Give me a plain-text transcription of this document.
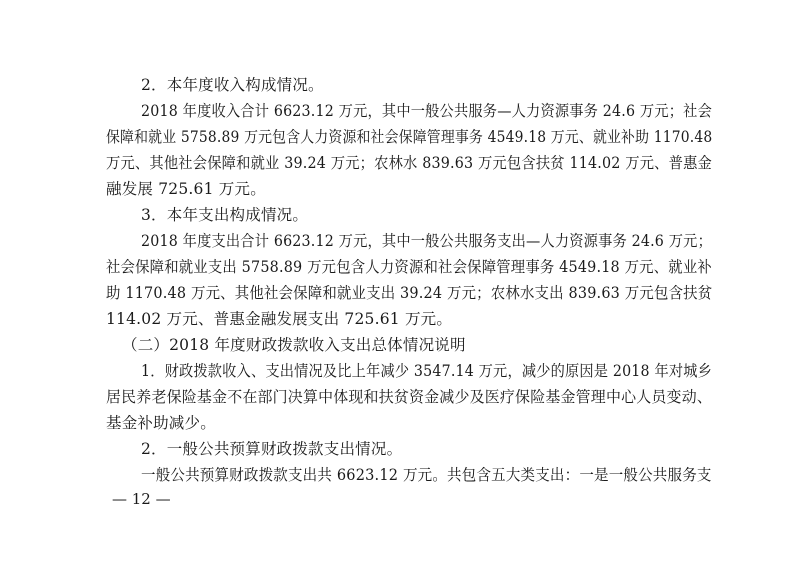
2．本年度收入构成情况。
2018 年度收入合计 6623.12 万元，其中一般公共服务—人力资源事务 24.6 万元；社会
保障和就业 5758.89 万元包含人力资源和社会保障管理事务 4549.18 万元、就业补助 1170.48
万元、其他社会保障和就业 39.24 万元；农林水 839.63 万元包含扶贫 114.02 万元、普惠金
融发展 725.61 万元。
3．本年支出构成情况。
2018 年度支出合计 6623.12 万元，其中一般公共服务支出—人力资源事务 24.6 万元；
社会保障和就业支出 5758.89 万元包含人力资源和社会保障管理事务 4549.18 万元、就业补
助 1170.48 万元、其他社会保障和就业支出 39.24 万元；农林水支出 839.63 万元包含扶贫
114.02 万元、普惠金融发展支出 725.61 万元。
（二）2018 年度财政拨款收入支出总体情况说明
1．财政拨款收入、支出情况及比上年减少 3547.14 万元，减少的原因是 2018 年对城乡
居民养老保险基金不在部门决算中体现和扶贫资金减少及医疗保险基金管理中心人员变动、
基金补助减少。
2．一般公共预算财政拨款支出情况。
一般公共预算财政拨款支出共 6623.12 万元。共包含五大类支出：一是一般公共服务支
— 12 —
